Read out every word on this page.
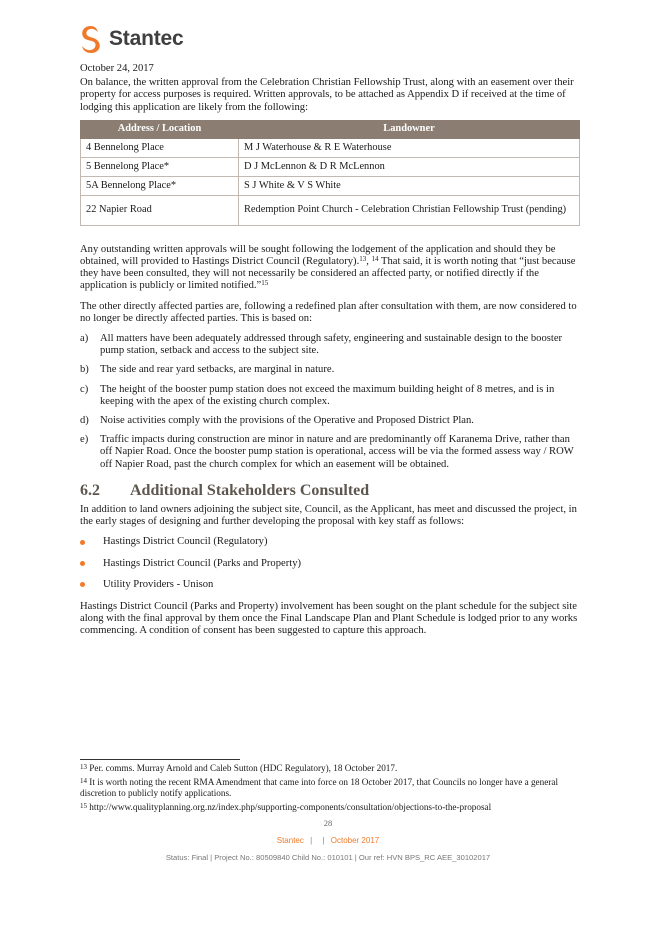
Stantec
October 24, 2017

On balance, the written approval from the Celebration Christian Fellowship Trust, along with an easement over their property for access purposes is required. Written approvals, to be attached as Appendix D if received at the time of lodging this application are likely from the following:

Address / Location	Landowner
4 Bennelong Place	M J Waterhouse & R E Waterhouse
5 Bennelong Place*	D J McLennon & D R McLennon
5A Bennelong Place*	S J White & V S White
22 Napier Road	Redemption Point Church - Celebration Christian Fellowship Trust (pending)

Any outstanding written approvals will be sought following the lodgement of the application and should they be obtained, will provided to Hastings District Council (Regulatory).$^{13}$, $^{14}$ That said, it is worth noting that “just because they have been consulted, they will not necessarily be considered an affected party, or notified directly if the application is publicly or limited notified.”$^{15}$

The other directly affected parties are, following a redefined plan after consultation with them, are now considered to no longer be directly affected parties. This is based on:

a)	All matters have been adequately addressed through safety, engineering and sustainable design to the booster pump station, setback and access to the subject site.
b)	The side and rear yard setbacks, are marginal in nature.
c)	The height of the booster pump station does not exceed the maximum building height of 8 metres, and is in keeping with the apex of the existing church complex.
d)	Noise activities comply with the provisions of the Operative and Proposed District Plan.
e)	Traffic impacts during construction are minor in nature and are predominantly off Karanema Drive, rather than off Napier Road. Once the booster pump station is operational, access will be via the formed assess way / ROW off Napier Road, past the church complex for which an easement will be obtained.
6.2	Additional Stakeholders Consulted

In addition to land owners adjoining the subject site, Council, as the Applicant, has meet and discussed the project, in the early stages of designing and further developing the proposal with key staff as follows:

Hastings District Council (Regulatory)
Hastings District Council (Parks and Property)
Utility Providers - Unison

Hastings District Council (Parks and Property) involvement has been sought on the plant schedule for the subject site along with the final approval by them once the Final Landscape Plan and Plant Schedule is lodged prior to any works commencing. A condition of consent has been suggested to capture this approach.

$^{13}$ Per. comms. Murray Arnold and Caleb Sutton (HDC Regulatory), 18 October 2017.
$^{14}$ It is worth noting the recent RMA Amendment that came into force on 18 October 2017, that Councils no longer have a general discretion to publicly notify applications.
$^{15}$ http://www.qualityplanning.org.nz/index.php/supporting-components/consultation/objections-to-the-proposal
28
Stantec | | October 2017
Status: Final | Project No.: 80509840 Child No.: 010101 | Our ref: HVN BPS_RC AEE_30102017
